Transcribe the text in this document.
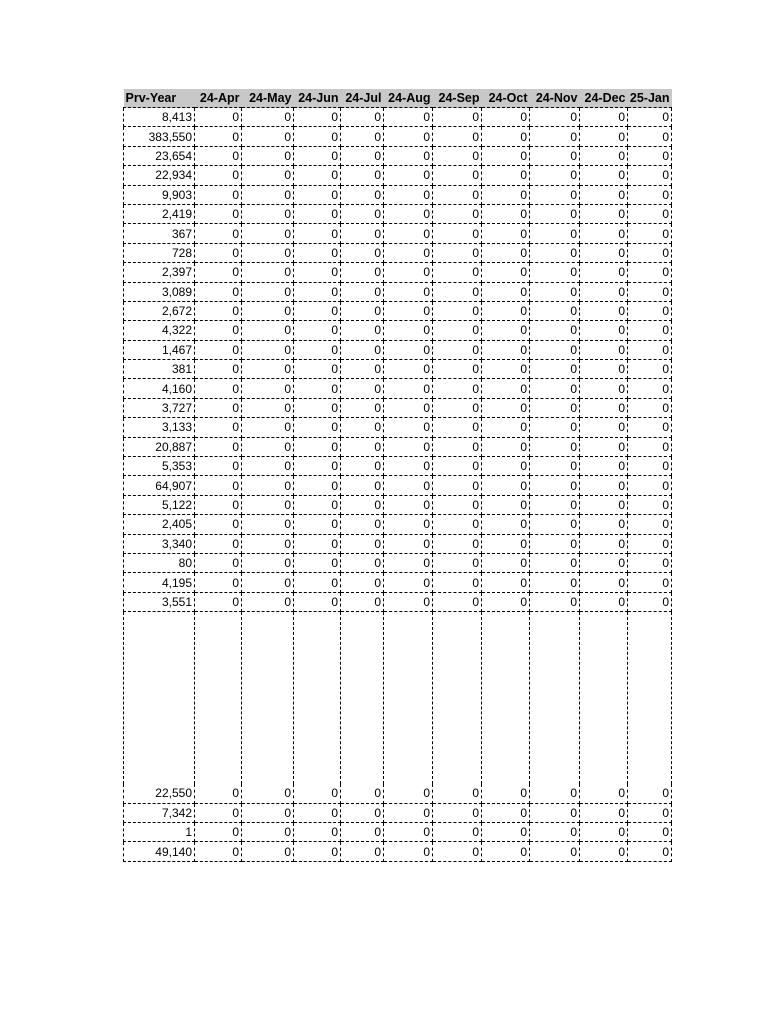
Prv-Year	24-Apr	24-May	24-Jun	24-Jul	24-Aug	24-Sep	24-Oct	24-Nov	24-Dec	25-Jan
8,413	0	0	0	0	0	0	0	0	0	0
383,550	0	0	0	0	0	0	0	0	0	0
23,654	0	0	0	0	0	0	0	0	0	0
22,934	0	0	0	0	0	0	0	0	0	0
9,903	0	0	0	0	0	0	0	0	0	0
2,419	0	0	0	0	0	0	0	0	0	0
367	0	0	0	0	0	0	0	0	0	0
728	0	0	0	0	0	0	0	0	0	0
2,397	0	0	0	0	0	0	0	0	0	0
3,089	0	0	0	0	0	0	0	0	0	0
2,672	0	0	0	0	0	0	0	0	0	0
4,322	0	0	0	0	0	0	0	0	0	0
1,467	0	0	0	0	0	0	0	0	0	0
381	0	0	0	0	0	0	0	0	0	0
4,160	0	0	0	0	0	0	0	0	0	0
3,727	0	0	0	0	0	0	0	0	0	0
3,133	0	0	0	0	0	0	0	0	0	0
20,887	0	0	0	0	0	0	0	0	0	0
5,353	0	0	0	0	0	0	0	0	0	0
64,907	0	0	0	0	0	0	0	0	0	0
5,122	0	0	0	0	0	0	0	0	0	0
2,405	0	0	0	0	0	0	0	0	0	0
3,340	0	0	0	0	0	0	0	0	0	0
80	0	0	0	0	0	0	0	0	0	0
4,195	0	0	0	0	0	0	0	0	0	0
3,551	0	0	0	0	0	0	0	0	0	0

22,550	0	0	0	0	0	0	0	0	0	0
7,342	0	0	0	0	0	0	0	0	0	0
1	0	0	0	0	0	0	0	0	0	0
49,140	0	0	0	0	0	0	0	0	0	0
